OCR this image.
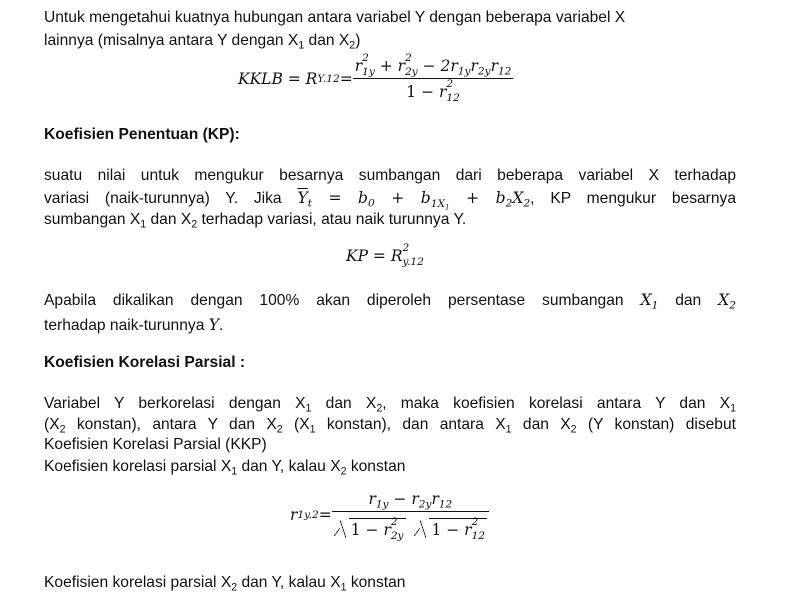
Untuk mengetahui kuatnya hubungan antara variabel Y dengan beberapa variabel X
lainnya (misalnya antara Y dengan $X_1$ dan $X_2$)
KKLB = R Y.12 = r 2
$_{1y}$ + r 2
$_{2y} - 2r_{1y}r_{2y}r_{12}$
1 − r 2
$_{12}$
Koefisien Penentuan (KP):
suatu nilai untuk mengukur besarnya sumbangan dari beberapa variabel X terhadap
variasi (naik-turunnya) Y. Jika $\overline{Y}_t = b_0 + b_{1X_1} + b_2X_2$, KP mengukur besarnya
sumbangan $X_1$ dan $X_2$ terhadap variasi, atau naik turunnya Y.
KP = R 2
$_{y.12}$
Apabila dikalikan dengan 100% akan diperoleh persentase sumbangan $X_1$ dan $X_2$
terhadap naik-turunnya Y.
Koefisien Korelasi Parsial :
Variabel Y berkorelasi dengan $X_1$ dan $X_2$, maka koefisien korelasi antara Y dan $X_1$
($X_2$ konstan), antara Y dan $X_2$ ($X_1$ konstan), dan antara $X_1$ dan $X_2$ (Y konstan) disebut
Koefisien Korelasi Parsial (KKP)
Koefisien korelasi parsial $X_1$ dan Y, kalau $X_2$ konstan
r $1y.2 = r_{1y} - r_{2y}r_{12}$
1 − r 2
$_{2y}$ 1 − r 2
$_{12}$
Koefisien korelasi parsial $X_2$ dan Y, kalau $X_1$ konstan
